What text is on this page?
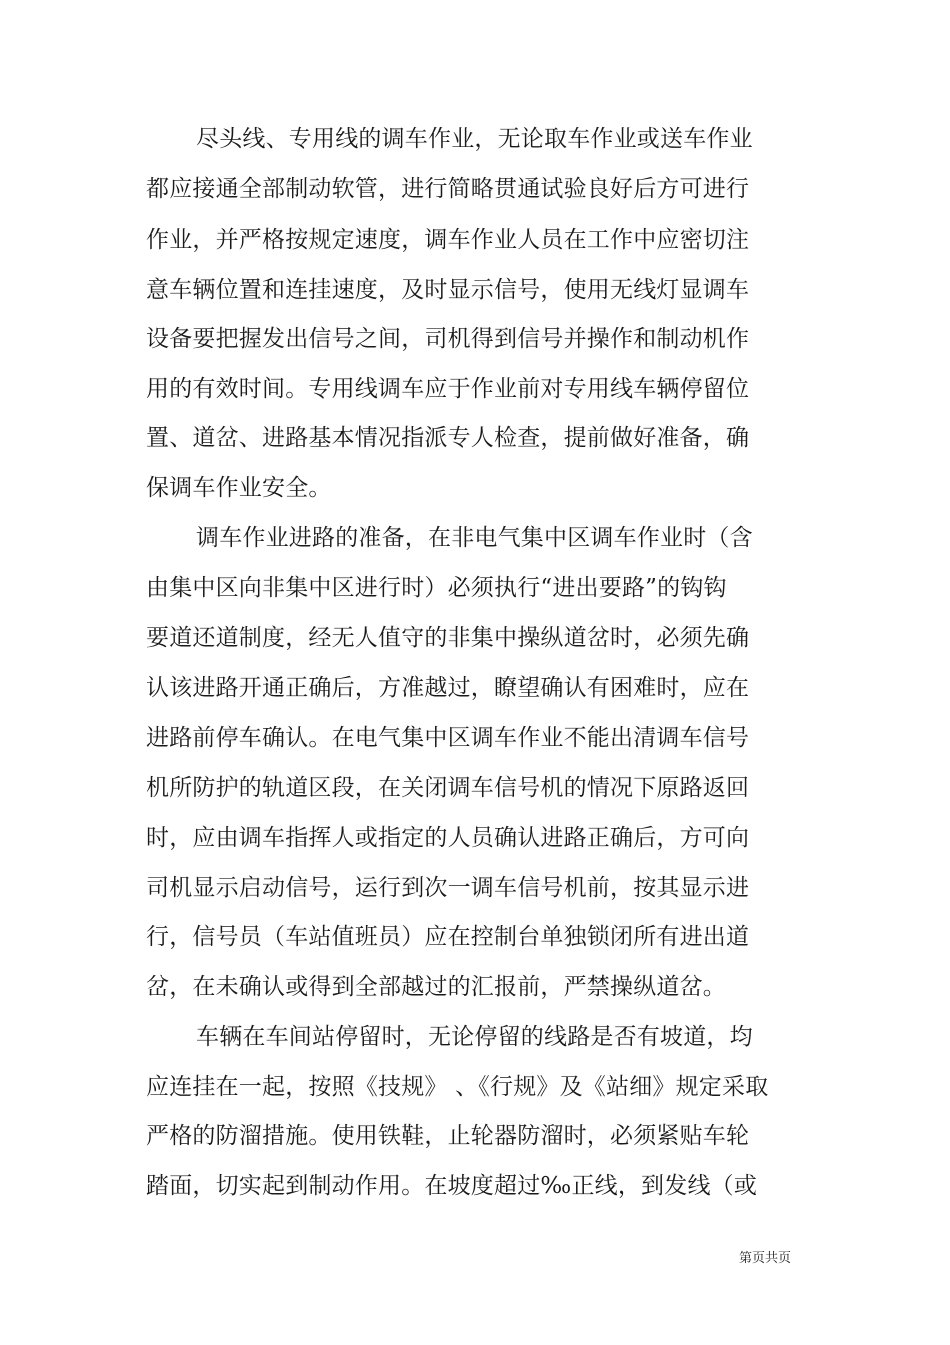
尽头线、专用线的调车作业，无论取车作业或送车作业
都应接通全部制动软管，进行简略贯通试验良好后方可进行
作业，并严格按规定速度，调车作业人员在工作中应密切注
意车辆位置和连挂速度，及时显示信号，使用无线灯显调车
设备要把握发出信号之间，司机得到信号并操作和制动机作
用的有效时间。专用线调车应于作业前对专用线车辆停留位
置、道岔、进路基本情况指派专人检查，提前做好准备，确
保调车作业安全。
调车作业进路的准备，在非电气集中区调车作业时（含
由集中区向非集中区进行时）必须执行“进出要路”的钩钩
要道还道制度，经无人值守的非集中操纵道岔时，必须先确
认该进路开通正确后，方准越过，瞭望确认有困难时，应在
进路前停车确认。在电气集中区调车作业不能出清调车信号
机所防护的轨道区段，在关闭调车信号机的情况下原路返回
时，应由调车指挥人或指定的人员确认进路正确后，方可向
司机显示启动信号，运行到次一调车信号机前，按其显示进
行，信号员（车站值班员）应在控制台单独锁闭所有进出道
岔，在未确认或得到全部越过的汇报前，严禁操纵道岔。
车辆在车间站停留时，无论停留的线路是否有坡道，均
应连挂在一起，按照《技规》 、《行规》及《站细》规定采取
严格的防溜措施。使用铁鞋，止轮器防溜时，必须紧贴车轮
踏面，切实起到制动作用。在坡度超过‰正线，到发线（或
第页共页
